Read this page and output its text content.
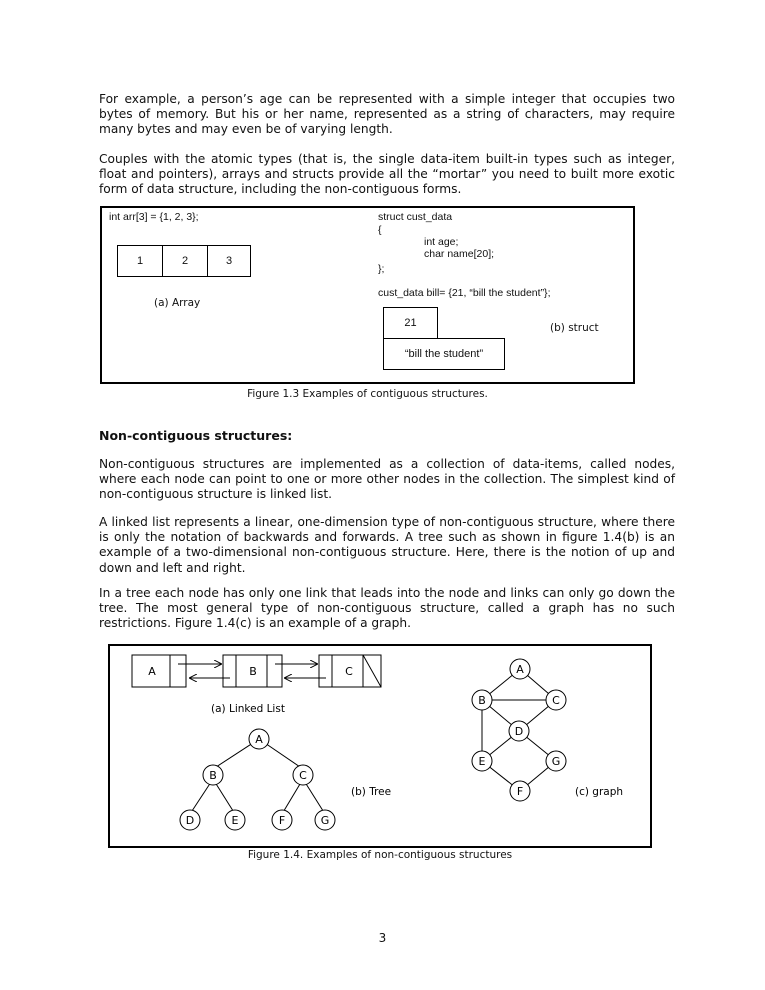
For example, a person’s age can be represented with a simple integer that occupies two bytes of memory. But his or her name, represented as a string of characters, may require many bytes and may even be of varying length.

Couples with the atomic types (that is, the single data-item built-in types such as integer, float and pointers), arrays and structs provide all the “mortar” you need to built more exotic form of data structure, including the non-contiguous forms.

int arr[3] = {1, 2, 3};

1	2	3

(a) Array

struct cust_data

{

int age;

char name[20];

};

cust_data bill= {21, “bill the student”};

21
“bill the student”

(b) struct

Figure 1.3 Examples of contiguous structures.

Non-contiguous structures:

Non-contiguous structures are implemented as a collection of data-items, called nodes, where each node can point to one or more other nodes in the collection. The simplest kind of non-contiguous structure is linked list.

A linked list represents a linear, one-dimension type of non-contiguous structure, where there is only the notation of backwards and forwards. A tree such as shown in figure 1.4(b) is an example of a two-dimensional non-contiguous structure. Here, there is the notion of up and down and left and right.

In a tree each node has only one link that leads into the node and links can only go down the tree. The most general type of non-contiguous structure, called a graph has no such restrictions. Figure 1.4(c) is an example of a graph.

A	B	C
(a) Linked List
A
B	C
D	E	F	G
(b) Tree
A
B	C
D
E	G
F	(c) graph

Figure 1.4. Examples of non-contiguous structures

3
